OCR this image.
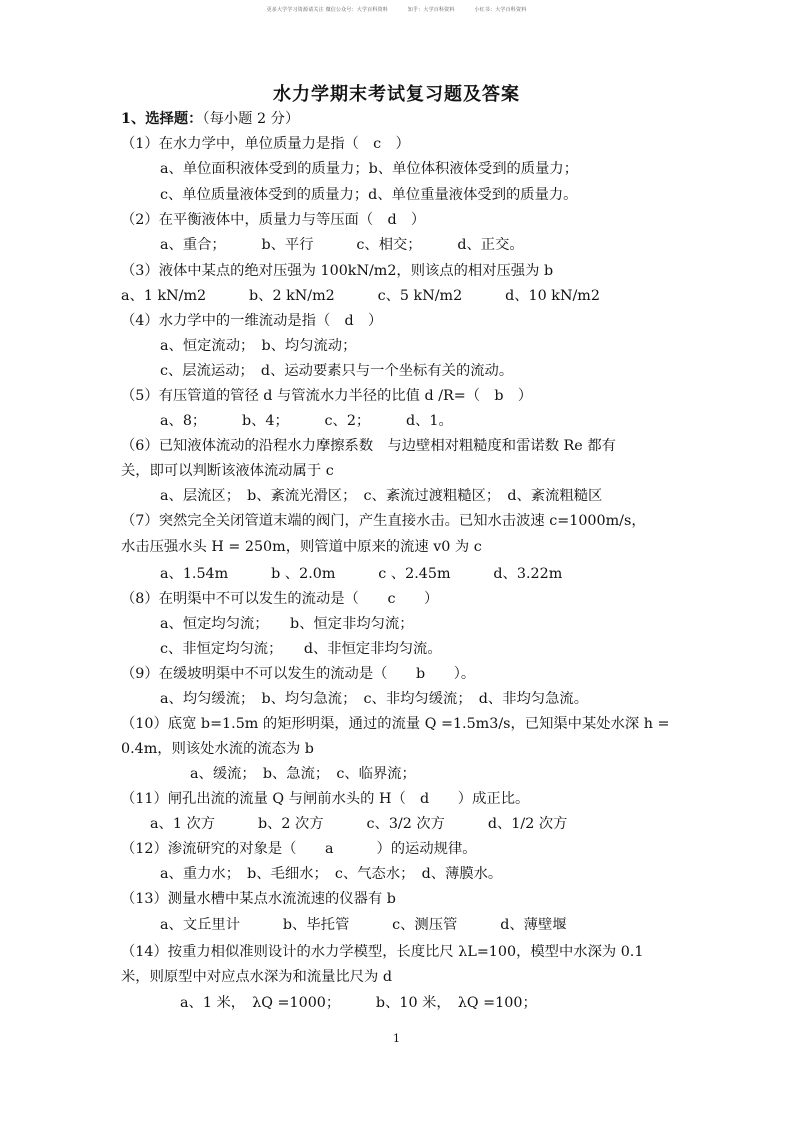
更多大学学习资源请关注 微信公众号：大学百科资料	知乎：大学百科资料	小红书：大学百科资料
水力学期末考试复习题及答案
1、选择题：（每小题 2 分）
（1）在水力学中，单位质量力是指（　c　）
a、单位面积液体受到的质量力；b、单位体积液体受到的质量力；
c、单位质量液体受到的质量力；d、单位重量液体受到的质量力。
（2）在平衡液体中，质量力与等压面（　d　）
a、重合；　　　b、平行　　　c、相交；　　　d、正交。
（3）液体中某点的绝对压强为 100kN/m2，则该点的相对压强为 b
a、1 kN/m2　　　b、2 kN/m2　　　c、5 kN/m2　　　d、10 kN/m2
（4）水力学中的一维流动是指（　d　）
a、恒定流动；　b、均匀流动；
c、层流运动；　d、运动要素只与一个坐标有关的流动。
（5）有压管道的管径 d 与管流水力半径的比值 d /R=（　b　）
a、8；　　　b、4；　　　c、2；　　　d、1。
（6）已知液体流动的沿程水力摩擦系数　与边壁相对粗糙度和雷诺数 Re 都有
关，即可以判断该液体流动属于 c
a、层流区；　b、紊流光滑区；　c、紊流过渡粗糙区；　d、紊流粗糙区
（7）突然完全关闭管道末端的阀门，产生直接水击。已知水击波速 c=1000m/s，
水击压强水头 H = 250m，则管道中原来的流速 v0 为 c
a、1.54m　　　b 、2.0m　　　c 、2.45m　　　d、3.22m
（8）在明渠中不可以发生的流动是（　　c　　）
a、恒定均匀流；　　b、恒定非均匀流；
c、非恒定均匀流；　　d、非恒定非均匀流。
（9）在缓坡明渠中不可以发生的流动是（　　b　　）。
a、均匀缓流；　b、均匀急流；　c、非均匀缓流；　d、非均匀急流。
（10）底宽 b=1.5m 的矩形明渠，通过的流量 Q =1.5m3/s，已知渠中某处水深 h =
0.4m，则该处水流的流态为 b
a、缓流；　b、急流；　c、临界流；
（11）闸孔出流的流量 Q 与闸前水头的 H（　d　　）成正比。
a、1 次方　　　b、2 次方　　　c、3/2 次方　　　d、1/2 次方
（12）渗流研究的对象是（　　a　　　）的运动规律。
a、重力水；　b、毛细水；　c、气态水；　d、薄膜水。
（13）测量水槽中某点水流流速的仪器有 b
a、文丘里计　　　b、毕托管　　　c、测压管　　　d、薄壁堰
（14）按重力相似准则设计的水力学模型，长度比尺 λL=100，模型中水深为 0.1
米，则原型中对应点水深为和流量比尺为 d
a、1 米，　λQ =1000；　　　b、10 米，　λQ =100；
1
